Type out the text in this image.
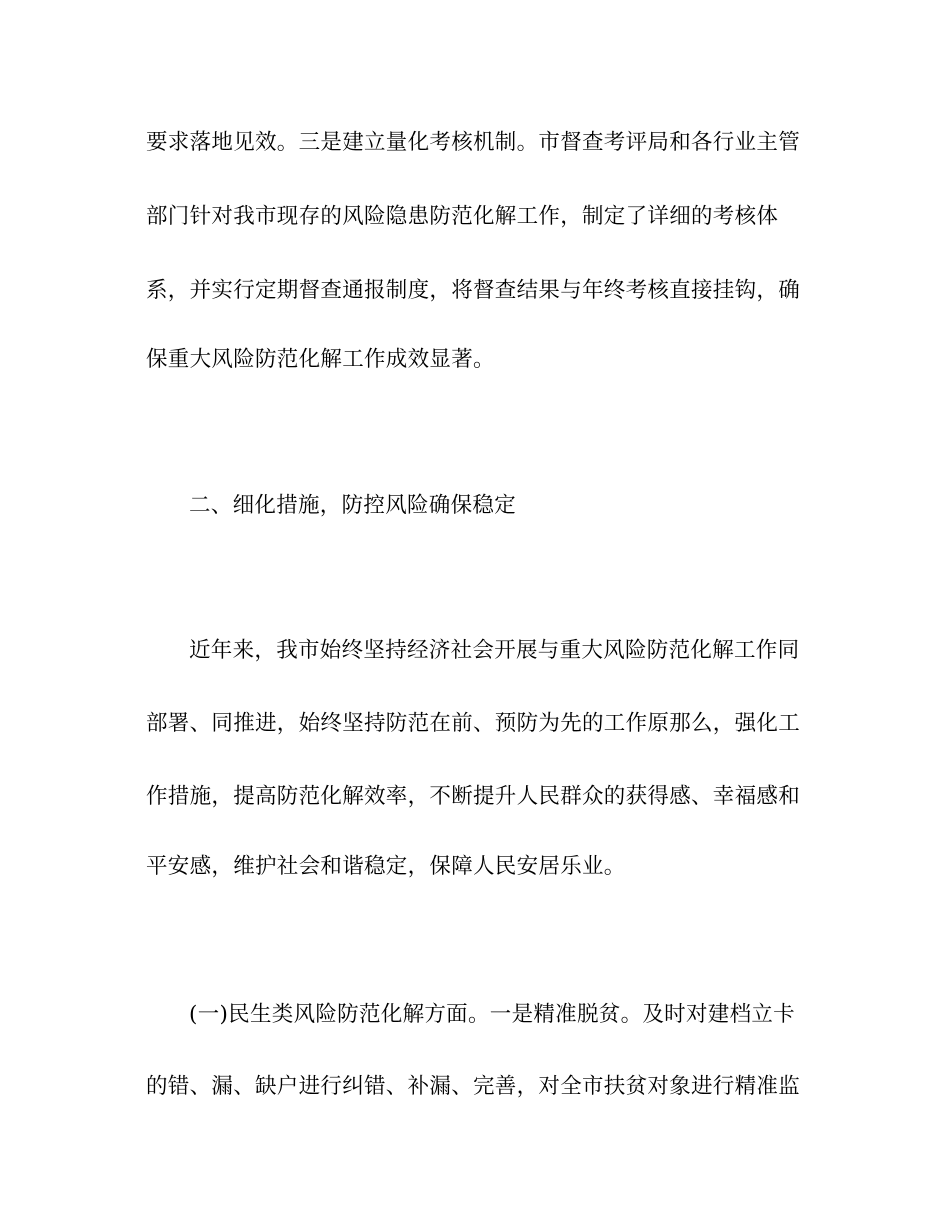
要求落地见效。三是建立量化考核机制。市督查考评局和各行业主管
部门针对我市现存的风险隐患防范化解工作，制定了详细的考核体
系，并实行定期督查通报制度，将督查结果与年终考核直接挂钩，确
保重大风险防范化解工作成效显著。
二、细化措施，防控风险确保稳定
近年来，我市始终坚持经济社会开展与重大风险防范化解工作同
部署、同推进，始终坚持防范在前、预防为先的工作原那么，强化工
作措施，提高防范化解效率，不断提升人民群众的获得感、幸福感和
平安感，维护社会和谐稳定，保障人民安居乐业。
(一)民生类风险防范化解方面。一是精准脱贫。及时对建档立卡
的错、漏、缺户进行纠错、补漏、完善，对全市扶贫对象进行精准监
